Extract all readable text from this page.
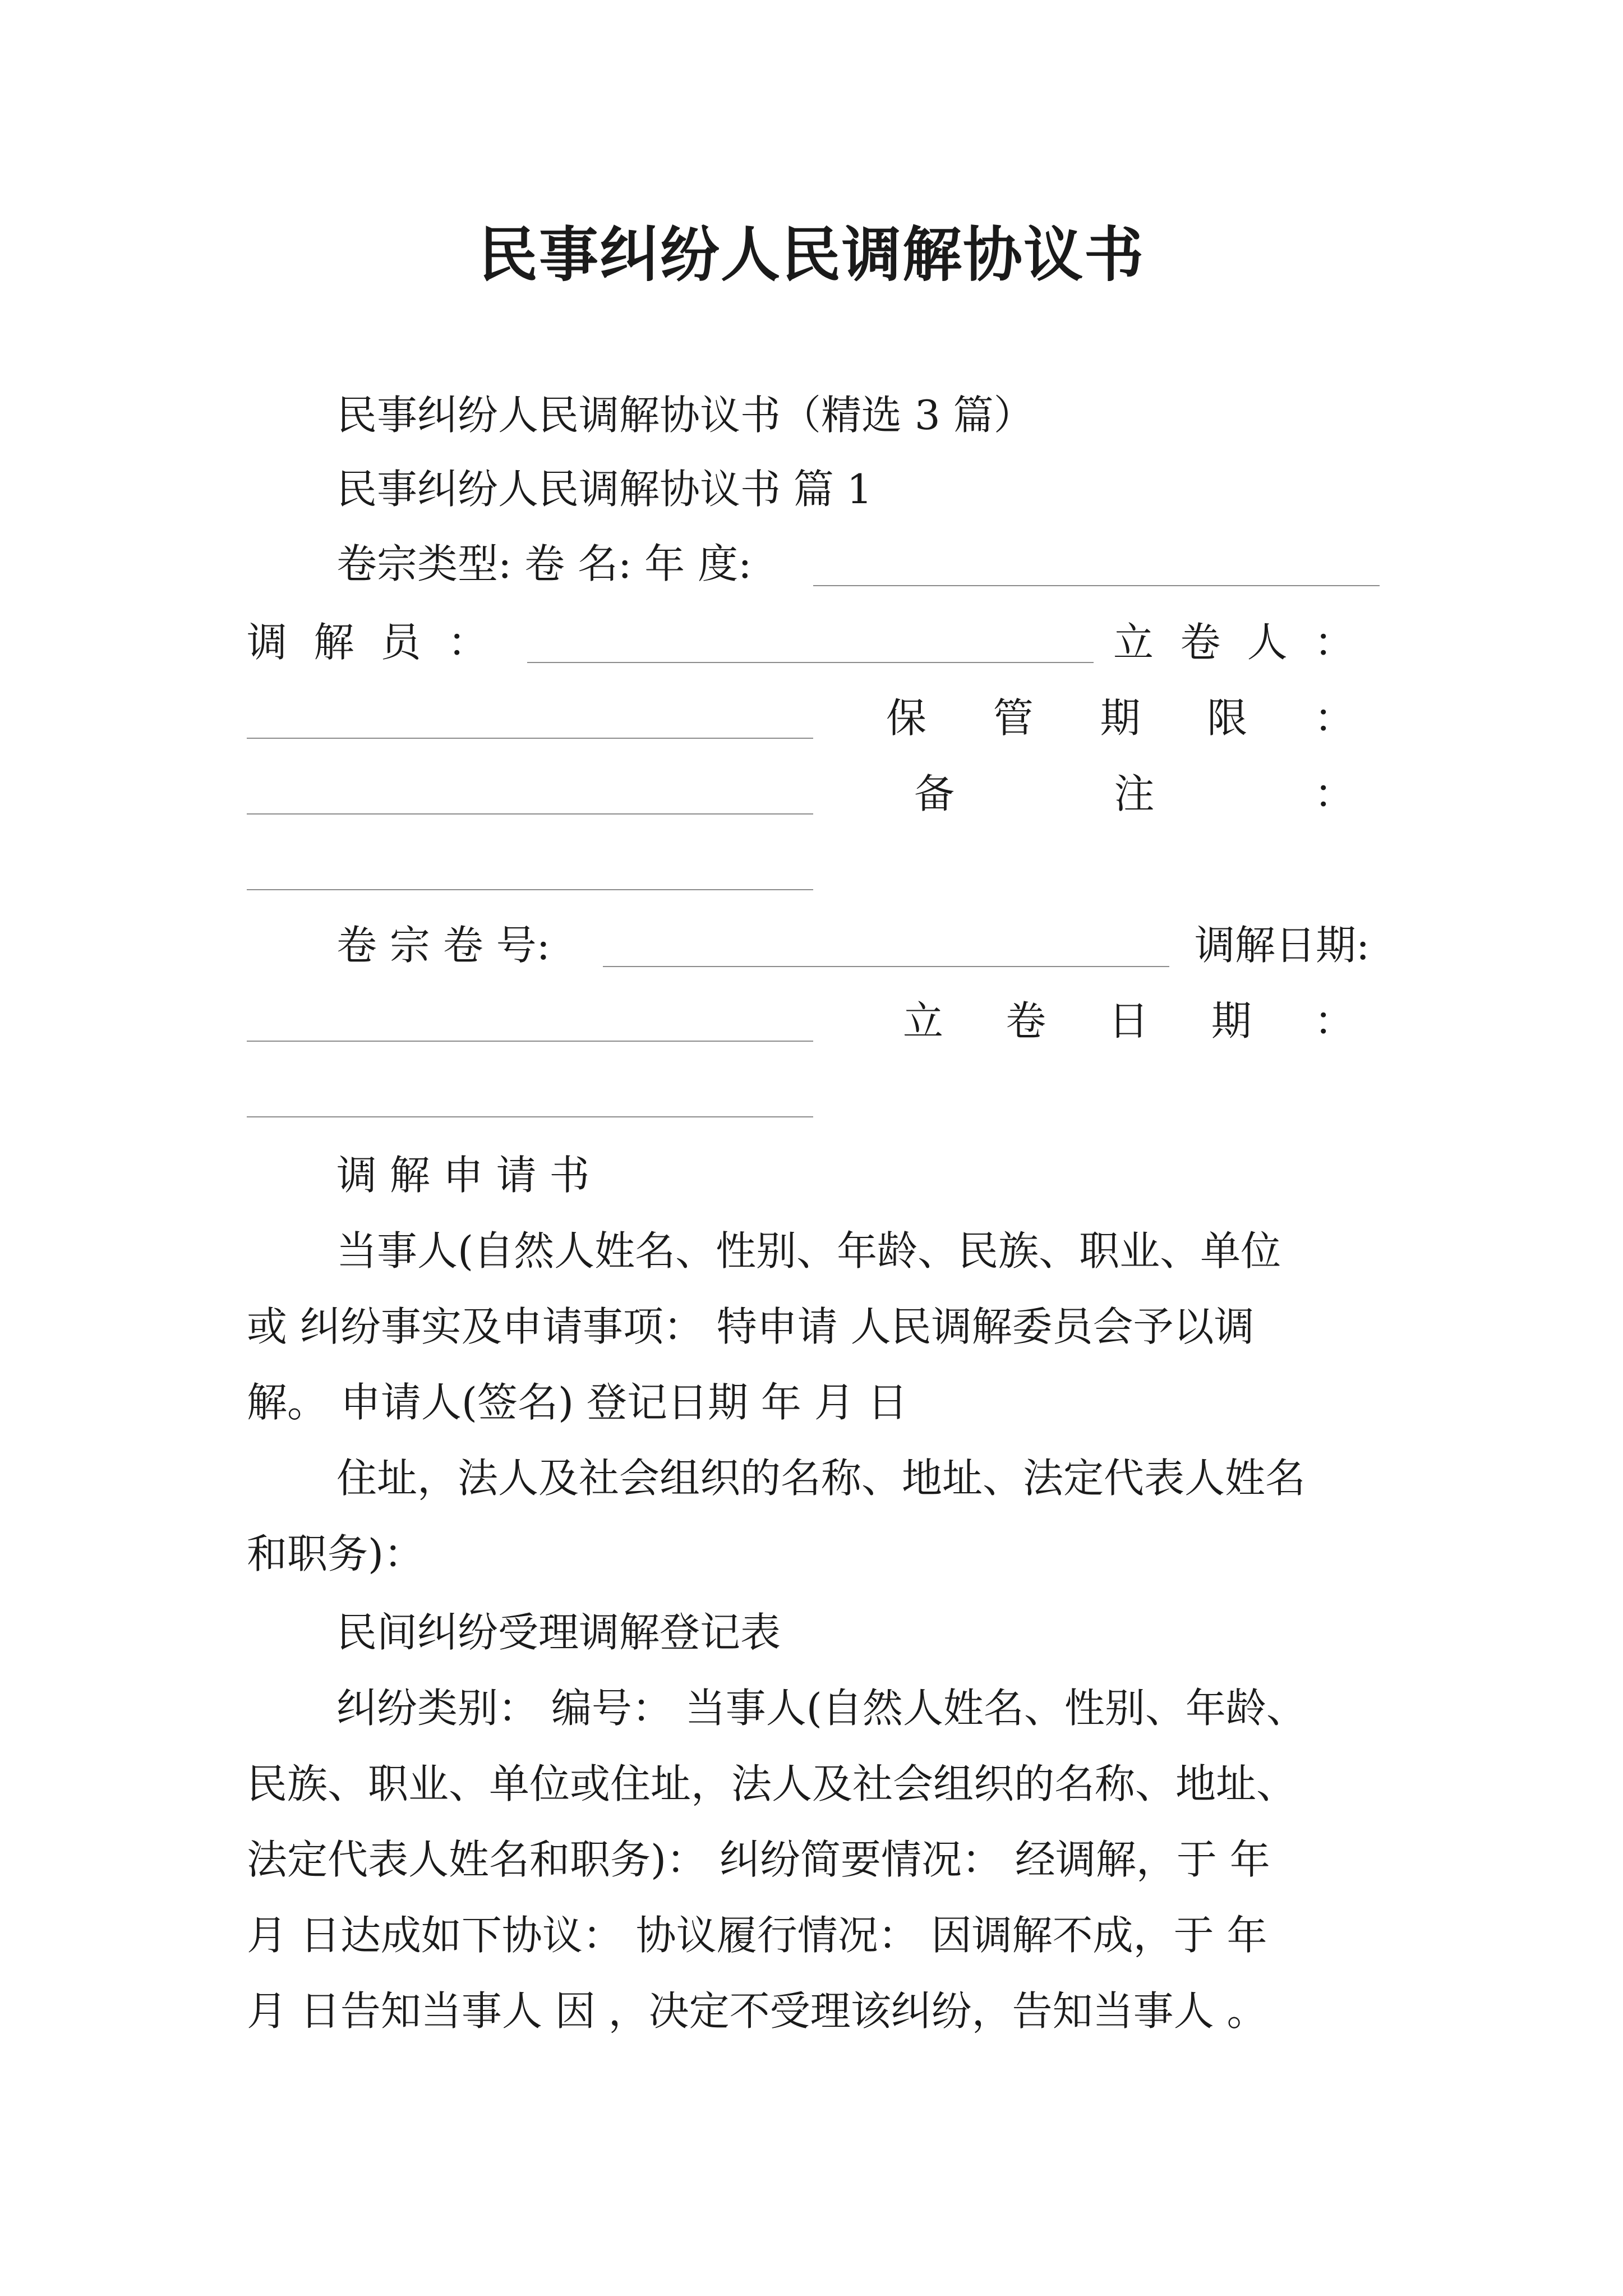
民事纠纷人民调解协议书
民事纠纷人民调解协议书（精选 3 篇）
民事纠纷人民调解协议书 篇 1
卷宗类型: 卷 名: 年 度:
调 解 员 ：	立 卷 人 ：
保 管 期 限 ：
备	注	：
卷 宗 卷 号:	调解日期:
立 卷 日 期 ：
调 解 申 请 书
当事人(自然人姓名、性别、年龄、民族、职业、单位
或 纠纷事实及申请事项： 特申请 人民调解委员会予以调
解。 申请人(签名) 登记日期 年 月 日
住址，法人及社会组织的名称、地址、法定代表人姓名
和职务)：
民间纠纷受理调解登记表
纠纷类别： 编号： 当事人(自然人姓名、性别、年龄、
民族、职业、单位或住址，法人及社会组织的名称、地址、
法定代表人姓名和职务)： 纠纷简要情况： 经调解，于 年
月 日达成如下协议： 协议履行情况： 因调解不成，于 年
月 日告知当事人 因 ，决定不受理该纠纷，告知当事人 。
